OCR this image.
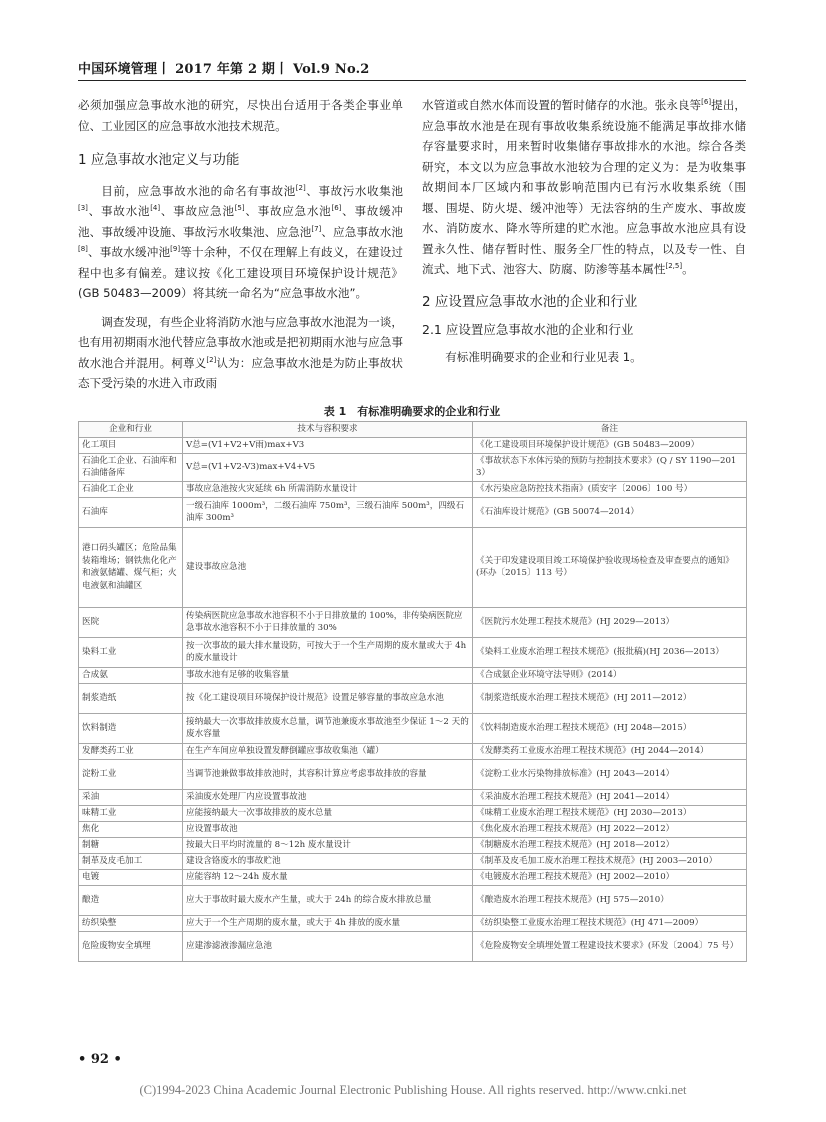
中国环境管理丨 2017 年第 2 期丨 Vol.9 No.2

必须加强应急事故水池的研究，尽快出台适用于各类企事业单位、工业园区的应急事故水池技术规范。

1 应急事故水池定义与功能

目前，应急事故水池的命名有事故池[2]、事故污水收集池[3]、事故水池[4]、事故应急池[5]、事故应急水池[6]、事故缓冲池、事故缓冲设施、事故污水收集池、应急池[7]、应急事故水池[8]、事故水缓冲池[9]等十余种，不仅在理解上有歧义，在建设过程中也多有偏差。建议按《化工建设项目环境保护设计规范》(GB 50483—2009）将其统一命名为“应急事故水池”。

调查发现，有些企业将消防水池与应急事故水池混为一谈，也有用初期雨水池代替应急事故水池或是把初期雨水池与应急事故水池合并混用。柯尊义[2]认为：应急事故水池是为防止事故状态下受污染的水进入市政雨

水管道或自然水体而设置的暂时储存的水池。张永良等[6]提出，应急事故水池是在现有事故收集系统设施不能满足事故排水储存容量要求时，用来暂时收集储存事故排水的水池。综合各类研究，本文以为应急事故水池较为合理的定义为：是为收集事故期间本厂区域内和事故影响范围内已有污水收集系统（围堰、围堤、防火堤、缓冲池等）无法容纳的生产废水、事故废水、消防废水、降水等所建的贮水池。应急事故水池应具有设置永久性、储存暂时性、服务全厂性的特点，以及专一性、自流式、地下式、池容大、防腐、防渗等基本属性[2,5]。

2 应设置应急事故水池的企业和行业
2.1 应设置应急事故水池的企业和行业

有标准明确要求的企业和行业见表 1。

表 1　有标准明确要求的企业和行业
企业和行业	技术与容积要求	备注
化工项目	V总=(V1+V2+V雨)max+V3	《化工建设项目环境保护设计规范》(GB 50483—2009）
石油化工企业、石油库和石油储备库	V总=(V1+V2-V3)max+V4+V5	《事故状态下水体污染的预防与控制技术要求》(Q / SY 1190—2013）
石油化工企业	事故应急池按火灾延续 6h 所需消防水量设计	《水污染应急防控技术指南》(质安字〔2006〕100 号）
石油库	一级石油库 1000m³，二级石油库 750m³，三级石油库 500m³，四级石油库 300m³	《石油库设计规范》(GB 50074—2014）
港口码头罐区；危险品集装箱堆场；钢铁焦化化产和液氨储罐、煤气柜；火电液氨和油罐区	建设事故应急池	《关于印发建设项目竣工环境保护验收现场检查及审查要点的通知》(环办〔2015〕113 号）
医院	传染病医院应急事故水池容积不小于日排放量的 100%，非传染病医院应急事故水池容积不小于日排放量的 30%	《医院污水处理工程技术规范》(HJ 2029—2013）
染料工业	按一次事故的最大排水量设防，可按大于一个生产周期的废水量或大于 4h 的废水量设计	《染料工业废水治理工程技术规范》(报批稿)(HJ 2036—2013）
合成氨	事故水池有足够的收集容量	《合成氨企业环境守法导则》(2014）
制浆造纸	按《化工建设项目环境保护设计规范》设置足够容量的事故应急水池	《制浆造纸废水治理工程技术规范》(HJ 2011—2012）
饮料制造	接纳最大一次事故排放废水总量，调节池兼废水事故池至少保证 1～2 天的废水容量	《饮料制造废水治理工程技术规范》(HJ 2048—2015）
发酵类药工业	在生产车间应单独设置发酵倒罐应事故收集池（罐）	《发酵类药工业废水治理工程技术规范》(HJ 2044—2014）
淀粉工业	当调节池兼做事故排放池时，其容积计算应考虑事故排放的容量	《淀粉工业水污染物排放标准》(HJ 2043—2014）
采油	采油废水处理厂内应设置事故池	《采油废水治理工程技术规范》(HJ 2041—2014）
味精工业	应能接纳最大一次事故排放的废水总量	《味精工业废水治理工程技术规范》(HJ 2030—2013）
焦化	应设置事故池	《焦化废水治理工程技术规范》(HJ 2022—2012）
制糖	按最大日平均时流量的 8～12h 废水量设计	《制糖废水治理工程技术规范》(HJ 2018—2012）
制革及皮毛加工	建设含铬废水的事故贮池	《制革及皮毛加工废水治理工程技术规范》(HJ 2003—2010）
电镀	应能容纳 12～24h 废水量	《电镀废水治理工程技术规范》(HJ 2002—2010）
酿造	应大于事故时最大废水产生量，或大于 24h 的综合废水排放总量	《酿造废水治理工程技术规范》(HJ 575—2010）
纺织染整	应大于一个生产周期的废水量，或大于 4h 排放的废水量	《纺织染整工业废水治理工程技术规范》(HJ 471—2009）
危险废物安全填埋	应建渗滤液渗漏应急池	《危险废物安全填埋处置工程建设技术要求》(环发〔2004〕75 号）
• 92 •
(C)1994-2023 China Academic Journal Electronic Publishing House. All rights reserved. http://www.cnki.net
